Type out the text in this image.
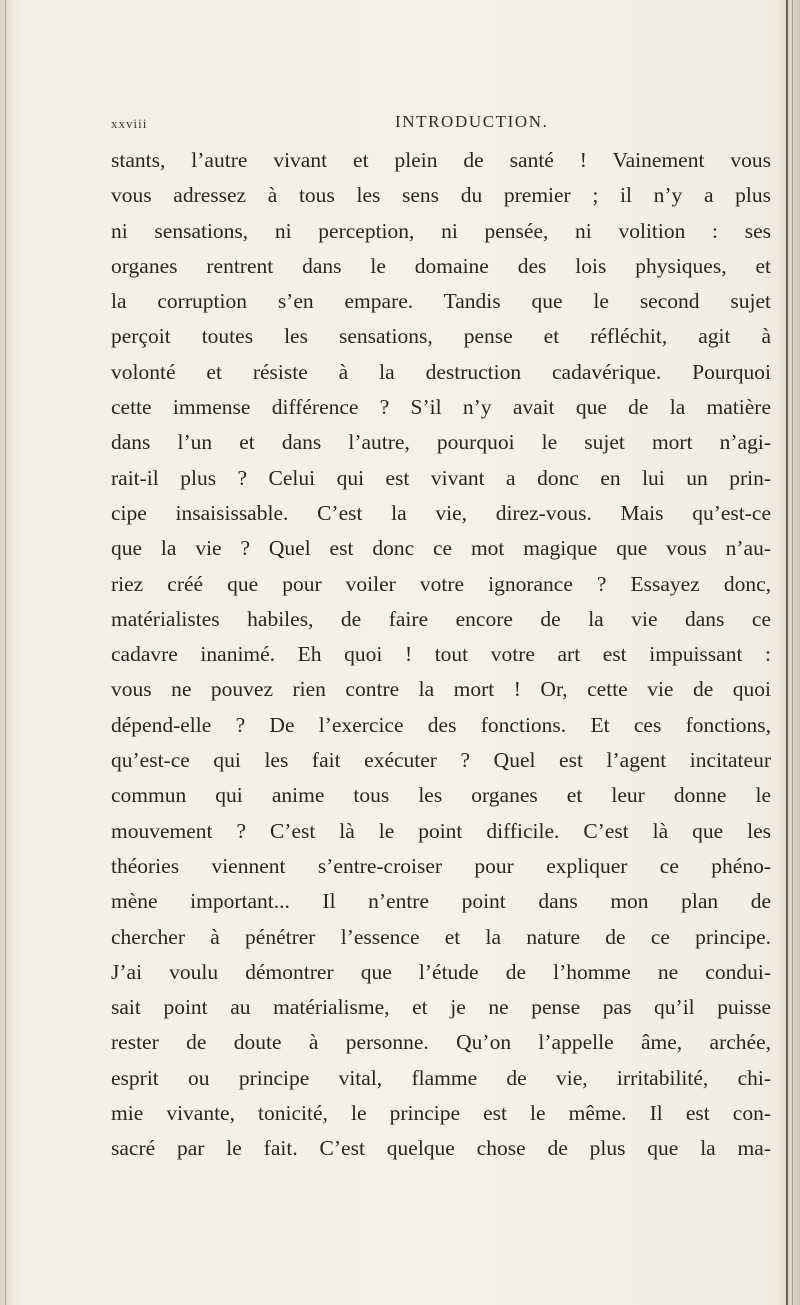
xxviii	INTRODUCTION.
stants, l’autre vivant et plein de santé ! Vainement vous
vous adressez à tous les sens du premier ; il n’y a plus
ni sensations, ni perception, ni pensée, ni volition : ses
organes rentrent dans le domaine des lois physiques, et
la corruption s’en empare. Tandis que le second sujet
perçoit toutes les sensations, pense et réfléchit, agit à
volonté et résiste à la destruction cadavérique. Pourquoi
cette immense différence ? S’il n’y avait que de la matière
dans l’un et dans l’autre, pourquoi le sujet mort n’agi-
rait-il plus ? Celui qui est vivant a donc en lui un prin-
cipe insaisissable. C’est la vie, direz-vous. Mais qu’est-ce
que la vie ? Quel est donc ce mot magique que vous n’au-
riez créé que pour voiler votre ignorance ? Essayez donc,
matérialistes habiles, de faire encore de la vie dans ce
cadavre inanimé. Eh quoi ! tout votre art est impuissant :
vous ne pouvez rien contre la mort ! Or, cette vie de quoi
dépend-elle ? De l’exercice des fonctions. Et ces fonctions,
qu’est-ce qui les fait exécuter ? Quel est l’agent incitateur
commun qui anime tous les organes et leur donne le
mouvement ? C’est là le point difficile. C’est là que les
théories viennent s’entre-croiser pour expliquer ce phéno-
mène important... Il n’entre point dans mon plan de
chercher à pénétrer l’essence et la nature de ce principe.
J’ai voulu démontrer que l’étude de l’homme ne condui-
sait point au matérialisme, et je ne pense pas qu’il puisse
rester de doute à personne. Qu’on l’appelle âme, archée,
esprit ou principe vital, flamme de vie, irritabilité, chi-
mie vivante, tonicité, le principe est le même. Il est con-
sacré par le fait. C’est quelque chose de plus que la ma-
